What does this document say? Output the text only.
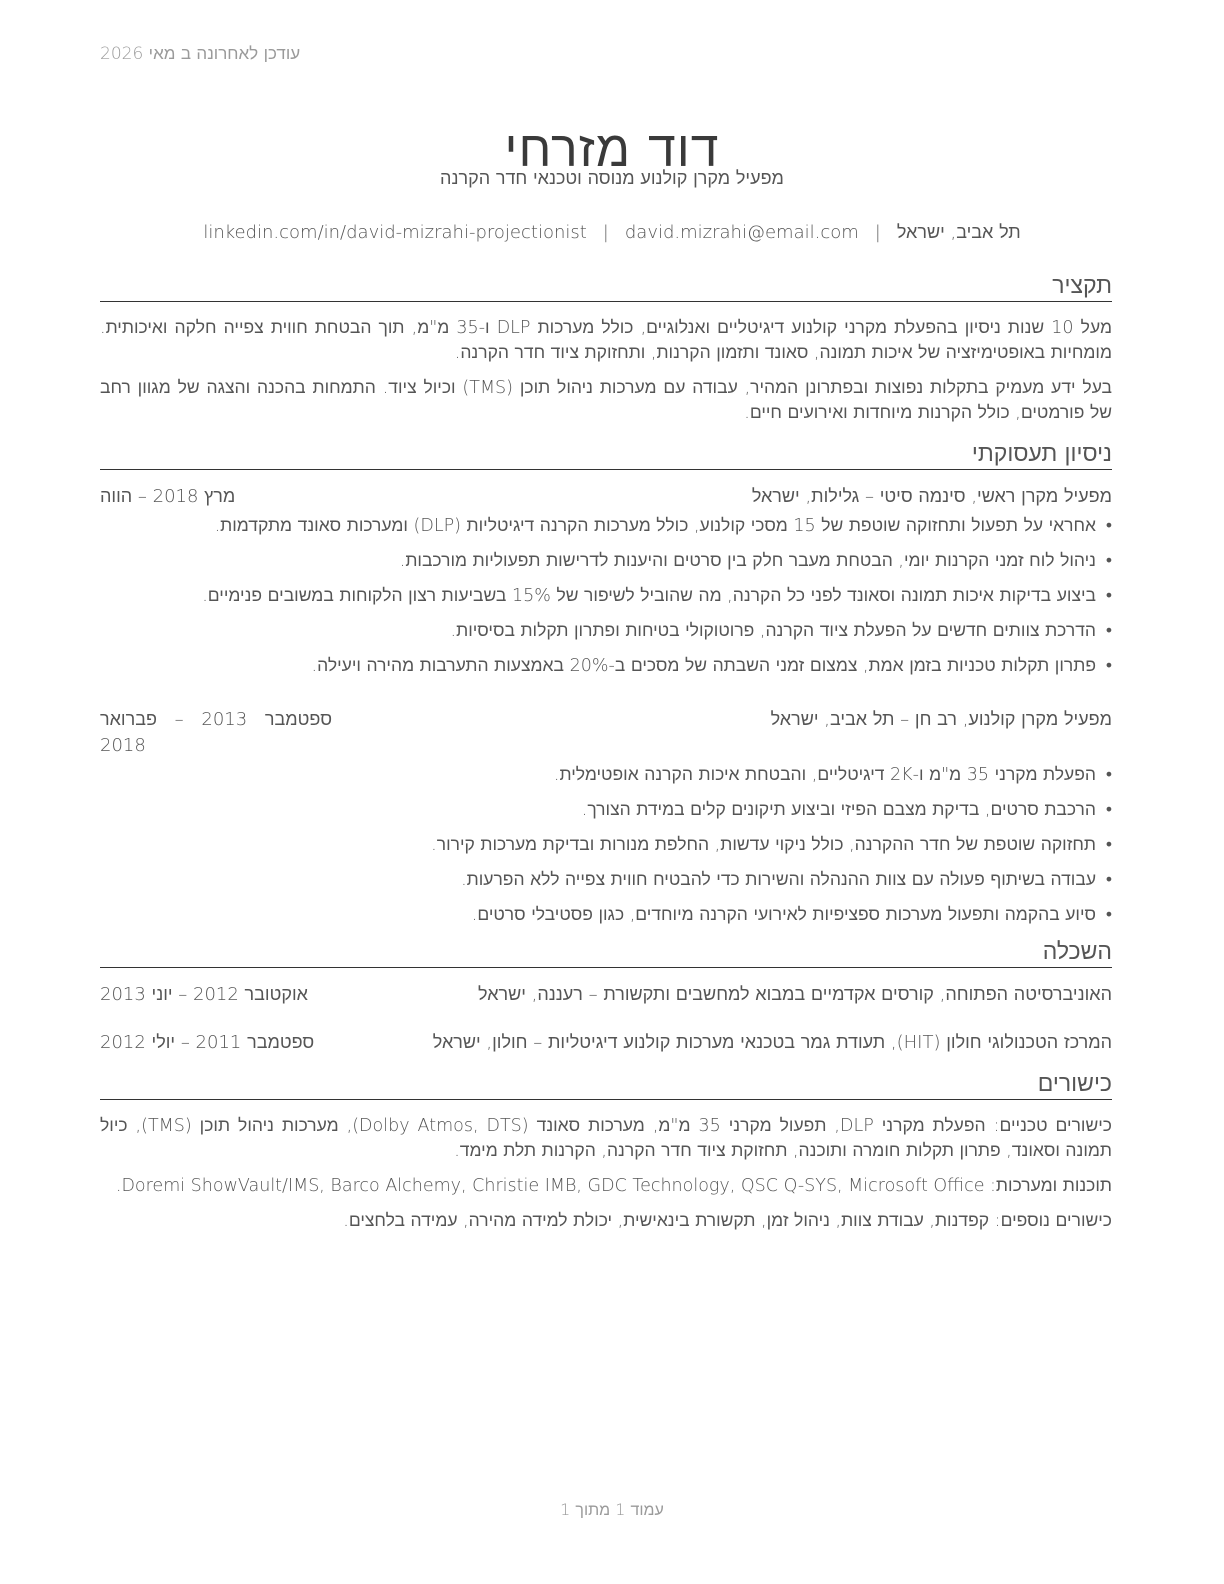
עודכן לאחרונה ב מאי 2026
דוד מזרחי
מפעיל מקרן קולנוע מנוסה וטכנאי חדר הקרנה
תל אביב, ישראל|david.mizrahi@email.com|linkedin.com/in/david-mizrahi-projectionist
תקציר

מעל 10 שנות ניסיון בהפעלת מקרני קולנוע דיגיטליים ואנלוגיים, כולל מערכות DLP ו-35 מ"מ, תוך הבטחת חווית צפייה חלקה ואיכותית. מומחיות באופטימיזציה של איכות תמונה, סאונד ותזמון הקרנות, ותחזוקת ציוד חדר הקרנה.

בעל ידע מעמיק בתקלות נפוצות ובפתרונן המהיר, עבודה עם מערכות ניהול תוכן (TMS) וכיול ציוד. התמחות בהכנה והצגה של מגוון רחב של פורמטים, כולל הקרנות מיוחדות ואירועים חיים.

ניסיון תעסוקתי
מפעיל מקרן ראשי, סינמה סיטי – גלילות, ישראל
מרץ 2018 – הווה
• אחראי על תפעול ותחזוקה שוטפת של 15 מסכי קולנוע, כולל מערכות הקרנה דיגיטליות (DLP) ומערכות סאונד מתקדמות.
• ניהול לוח זמני הקרנות יומי, הבטחת מעבר חלק בין סרטים והיענות לדרישות תפעוליות מורכבות.
• ביצוע בדיקות איכות תמונה וסאונד לפני כל הקרנה, מה שהוביל לשיפור של 15% בשביעות רצון הלקוחות במשובים פנימיים.
• הדרכת צוותים חדשים על הפעלת ציוד הקרנה, פרוטוקולי בטיחות ופתרון תקלות בסיסיות.
• פתרון תקלות טכניות בזמן אמת, צמצום זמני השבתה של מסכים ב-20% באמצעות התערבות מהירה ויעילה.
מפעיל מקרן קולנוע, רב חן – תל אביב, ישראל
ספטמבר 2013 – פברואר 2018
• הפעלת מקרני 35 מ"מ ו-2K דיגיטליים, והבטחת איכות הקרנה אופטימלית.
• הרכבת סרטים, בדיקת מצבם הפיזי וביצוע תיקונים קלים במידת הצורך.
• תחזוקה שוטפת של חדר ההקרנה, כולל ניקוי עדשות, החלפת מנורות ובדיקת מערכות קירור.
• עבודה בשיתוף פעולה עם צוות ההנהלה והשירות כדי להבטיח חווית צפייה ללא הפרעות.
• סיוע בהקמה ותפעול מערכות ספציפיות לאירועי הקרנה מיוחדים, כגון פסטיבלי סרטים.
השכלה
האוניברסיטה הפתוחה, קורסים אקדמיים במבוא למחשבים ותקשורת – רעננה, ישראל
אוקטובר 2012 – יוני 2013
המרכז הטכנולוגי חולון (HIT), תעודת גמר בטכנאי מערכות קולנוע דיגיטליות – חולון, ישראל
ספטמבר 2011 – יולי 2012
כישורים

כישורים טכניים: הפעלת מקרני DLP, תפעול מקרני 35 מ"מ, מערכות סאונד (Dolby Atmos, DTS), מערכות ניהול תוכן (TMS), כיול תמונה וסאונד, פתרון תקלות חומרה ותוכנה, תחזוקת ציוד חדר הקרנה, הקרנות תלת מימד.

תוכנות ומערכות: Doremi ShowVault/IMS, Barco Alchemy, Christie IMB, GDC Technology, QSC Q-SYS, Microsoft Office.

כישורים נוספים: קפדנות, עבודת צוות, ניהול זמן, תקשורת בינאישית, יכולת למידה מהירה, עמידה בלחצים.

עמוד 1 מתוך 1
